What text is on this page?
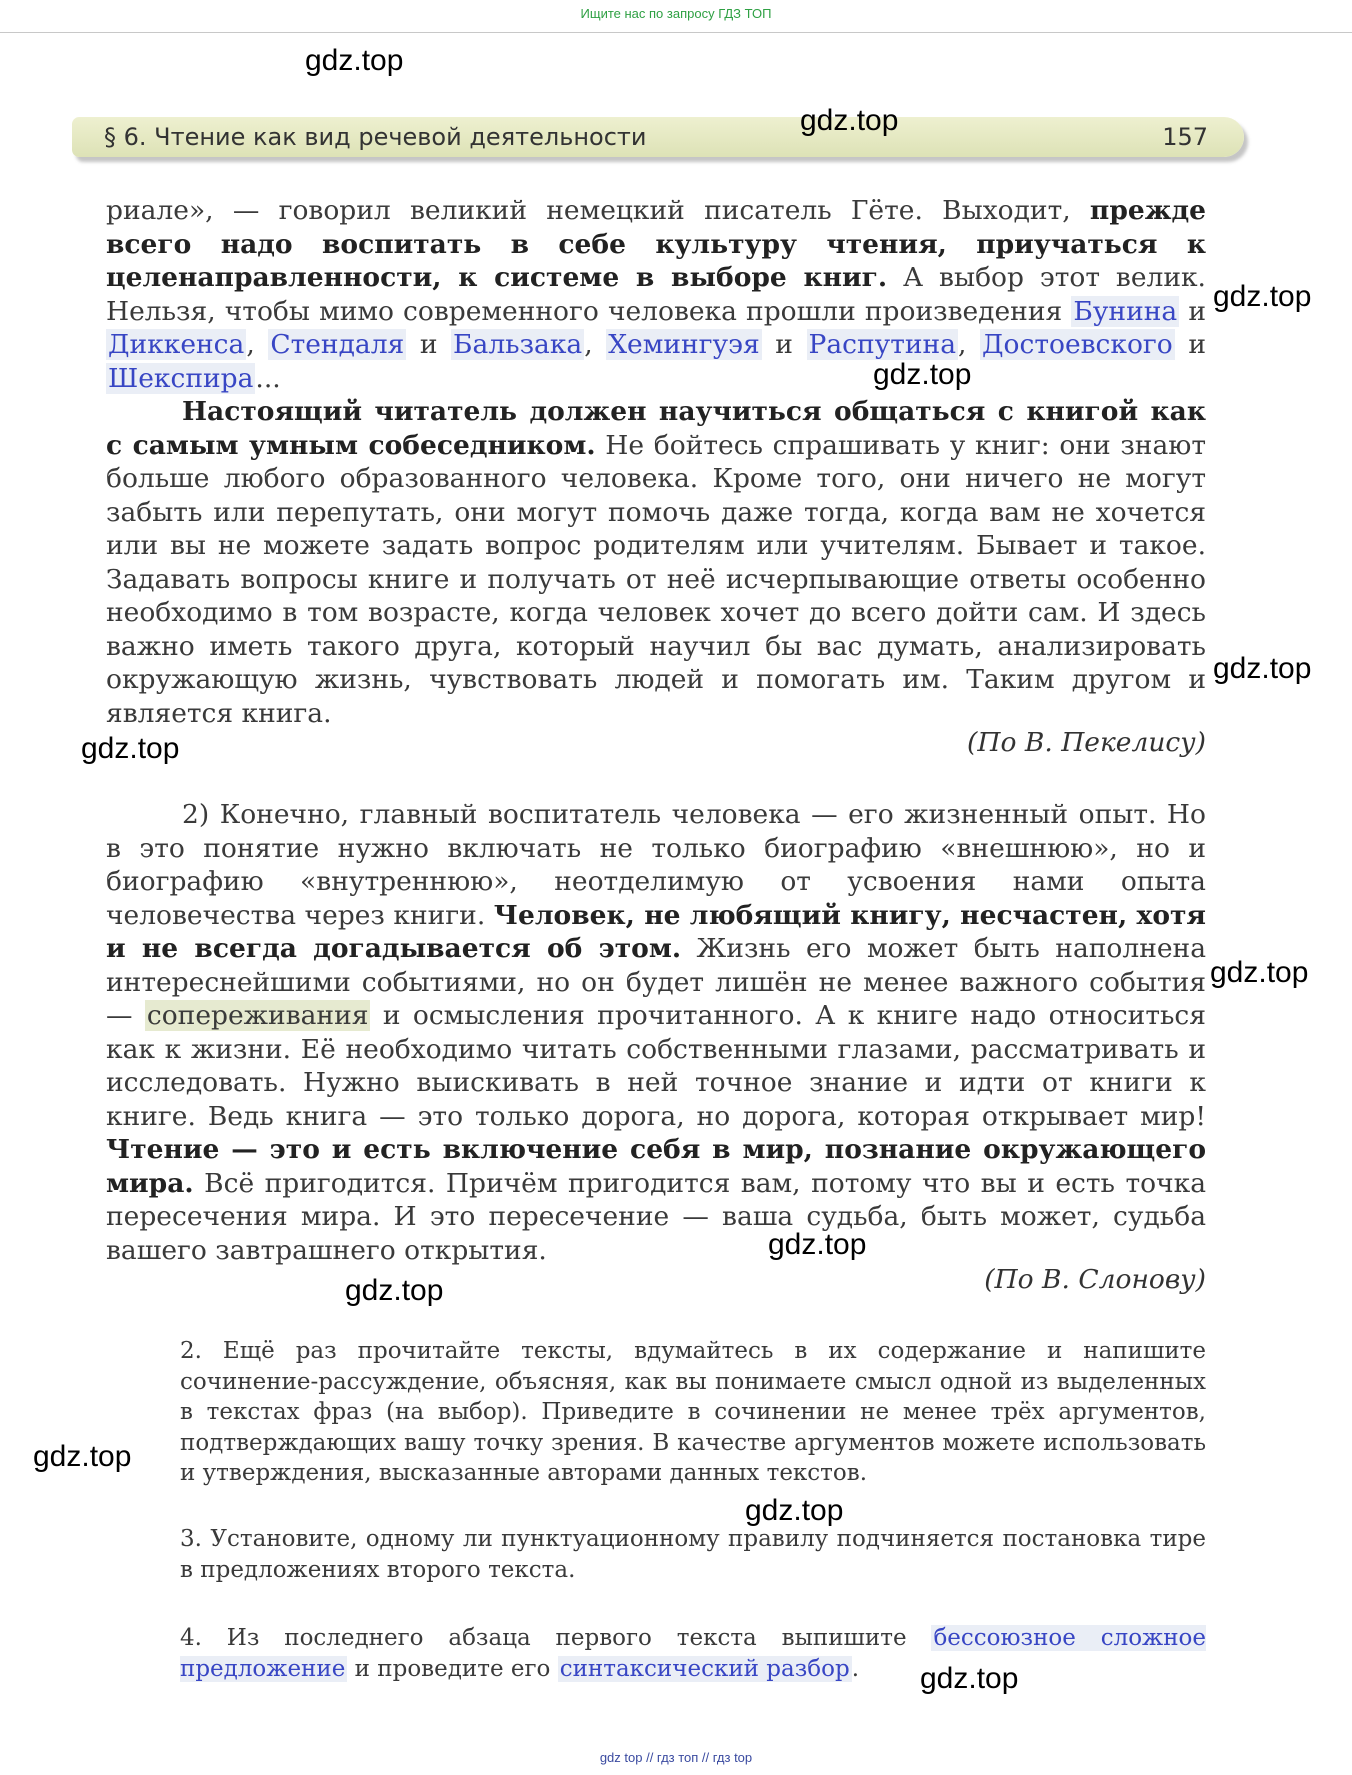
Ищите нас по запросу ГДЗ ТОП
§ 6. Чтение как вид речевой деятельности	157

риале», — говорил великий немецкий писатель Гёте. Выходит, прежде всего надо воспитать в себе культуру чтения, приучаться к целенаправленности, к системе в выборе книг. А выбор этот велик. Нельзя, чтобы мимо современного человека прошли произведения Бунина и Диккенса, Стендаля и Бальзака, Хемингуэя и Распутина, Достоевского и Шекспира...

Настоящий читатель должен научиться общаться с книгой как с самым умным собеседником. Не бойтесь спрашивать у книг: они знают больше любого образованного человека. Кроме того, они ничего не могут забыть или перепутать, они могут помочь даже тогда, когда вам не хочется или вы не можете задать вопрос родителям или учителям. Бывает и такое. Задавать вопросы книге и получать от неё исчерпывающие ответы особенно необходимо в том возрасте, когда человек хочет до всего дойти сам. И здесь важно иметь такого друга, который научил бы вас думать, анализировать окружающую жизнь, чувствовать людей и помогать им. Таким другом и является книга.

(По В. Пекелису)

2) Конечно, главный воспитатель человека — его жизненный опыт. Но в это понятие нужно включать не только биографию «внешнюю», но и биографию «внутреннюю», неотделимую от усвоения нами опыта человечества через книги. Человек, не любящий книгу, несчастен, хотя и не всегда догадывается об этом. Жизнь его может быть наполнена интереснейшими событиями, но он будет лишён не менее важного события — сопереживания и осмысления прочитанного. А к книге надо относиться как к жизни. Её необходимо читать собственными глазами, рассматривать и исследовать. Нужно выискивать в ней точное знание и идти от книги к книге. Ведь книга — это только дорога, но дорога, которая открывает мир! Чтение — это и есть включение себя в мир, познание окружающего мира. Всё пригодится. Причём пригодится вам, потому что вы и есть точка пересечения мира. И это пересечение — ваша судьба, быть может, судьба вашего завтрашнего открытия.

(По В. Слонову)

2. Ещё раз прочитайте тексты, вдумайтесь в их содержание и напишите сочинение-рассуждение, объясняя, как вы понимаете смысл одной из выделенных в текстах фраз (на выбор). Приведите в сочинении не менее трёх аргументов, подтверждающих вашу точку зрения. В качестве аргументов можете использовать и утверждения, высказанные авторами данных текстов.

3. Установите, одному ли пунктуационному правилу подчиняется постановка тире в предложениях второго текста.

4. Из последнего абзаца первого текста выпишите бессоюзное сложное предложение и проведите его синтаксический разбор.

gdz.top
gdz.top
gdz.top
gdz.top
gdz.top
gdz.top
gdz.top
gdz.top
gdz.top
gdz.top
gdz.top
gdz.top
gdz top // гдз топ // гдз top
